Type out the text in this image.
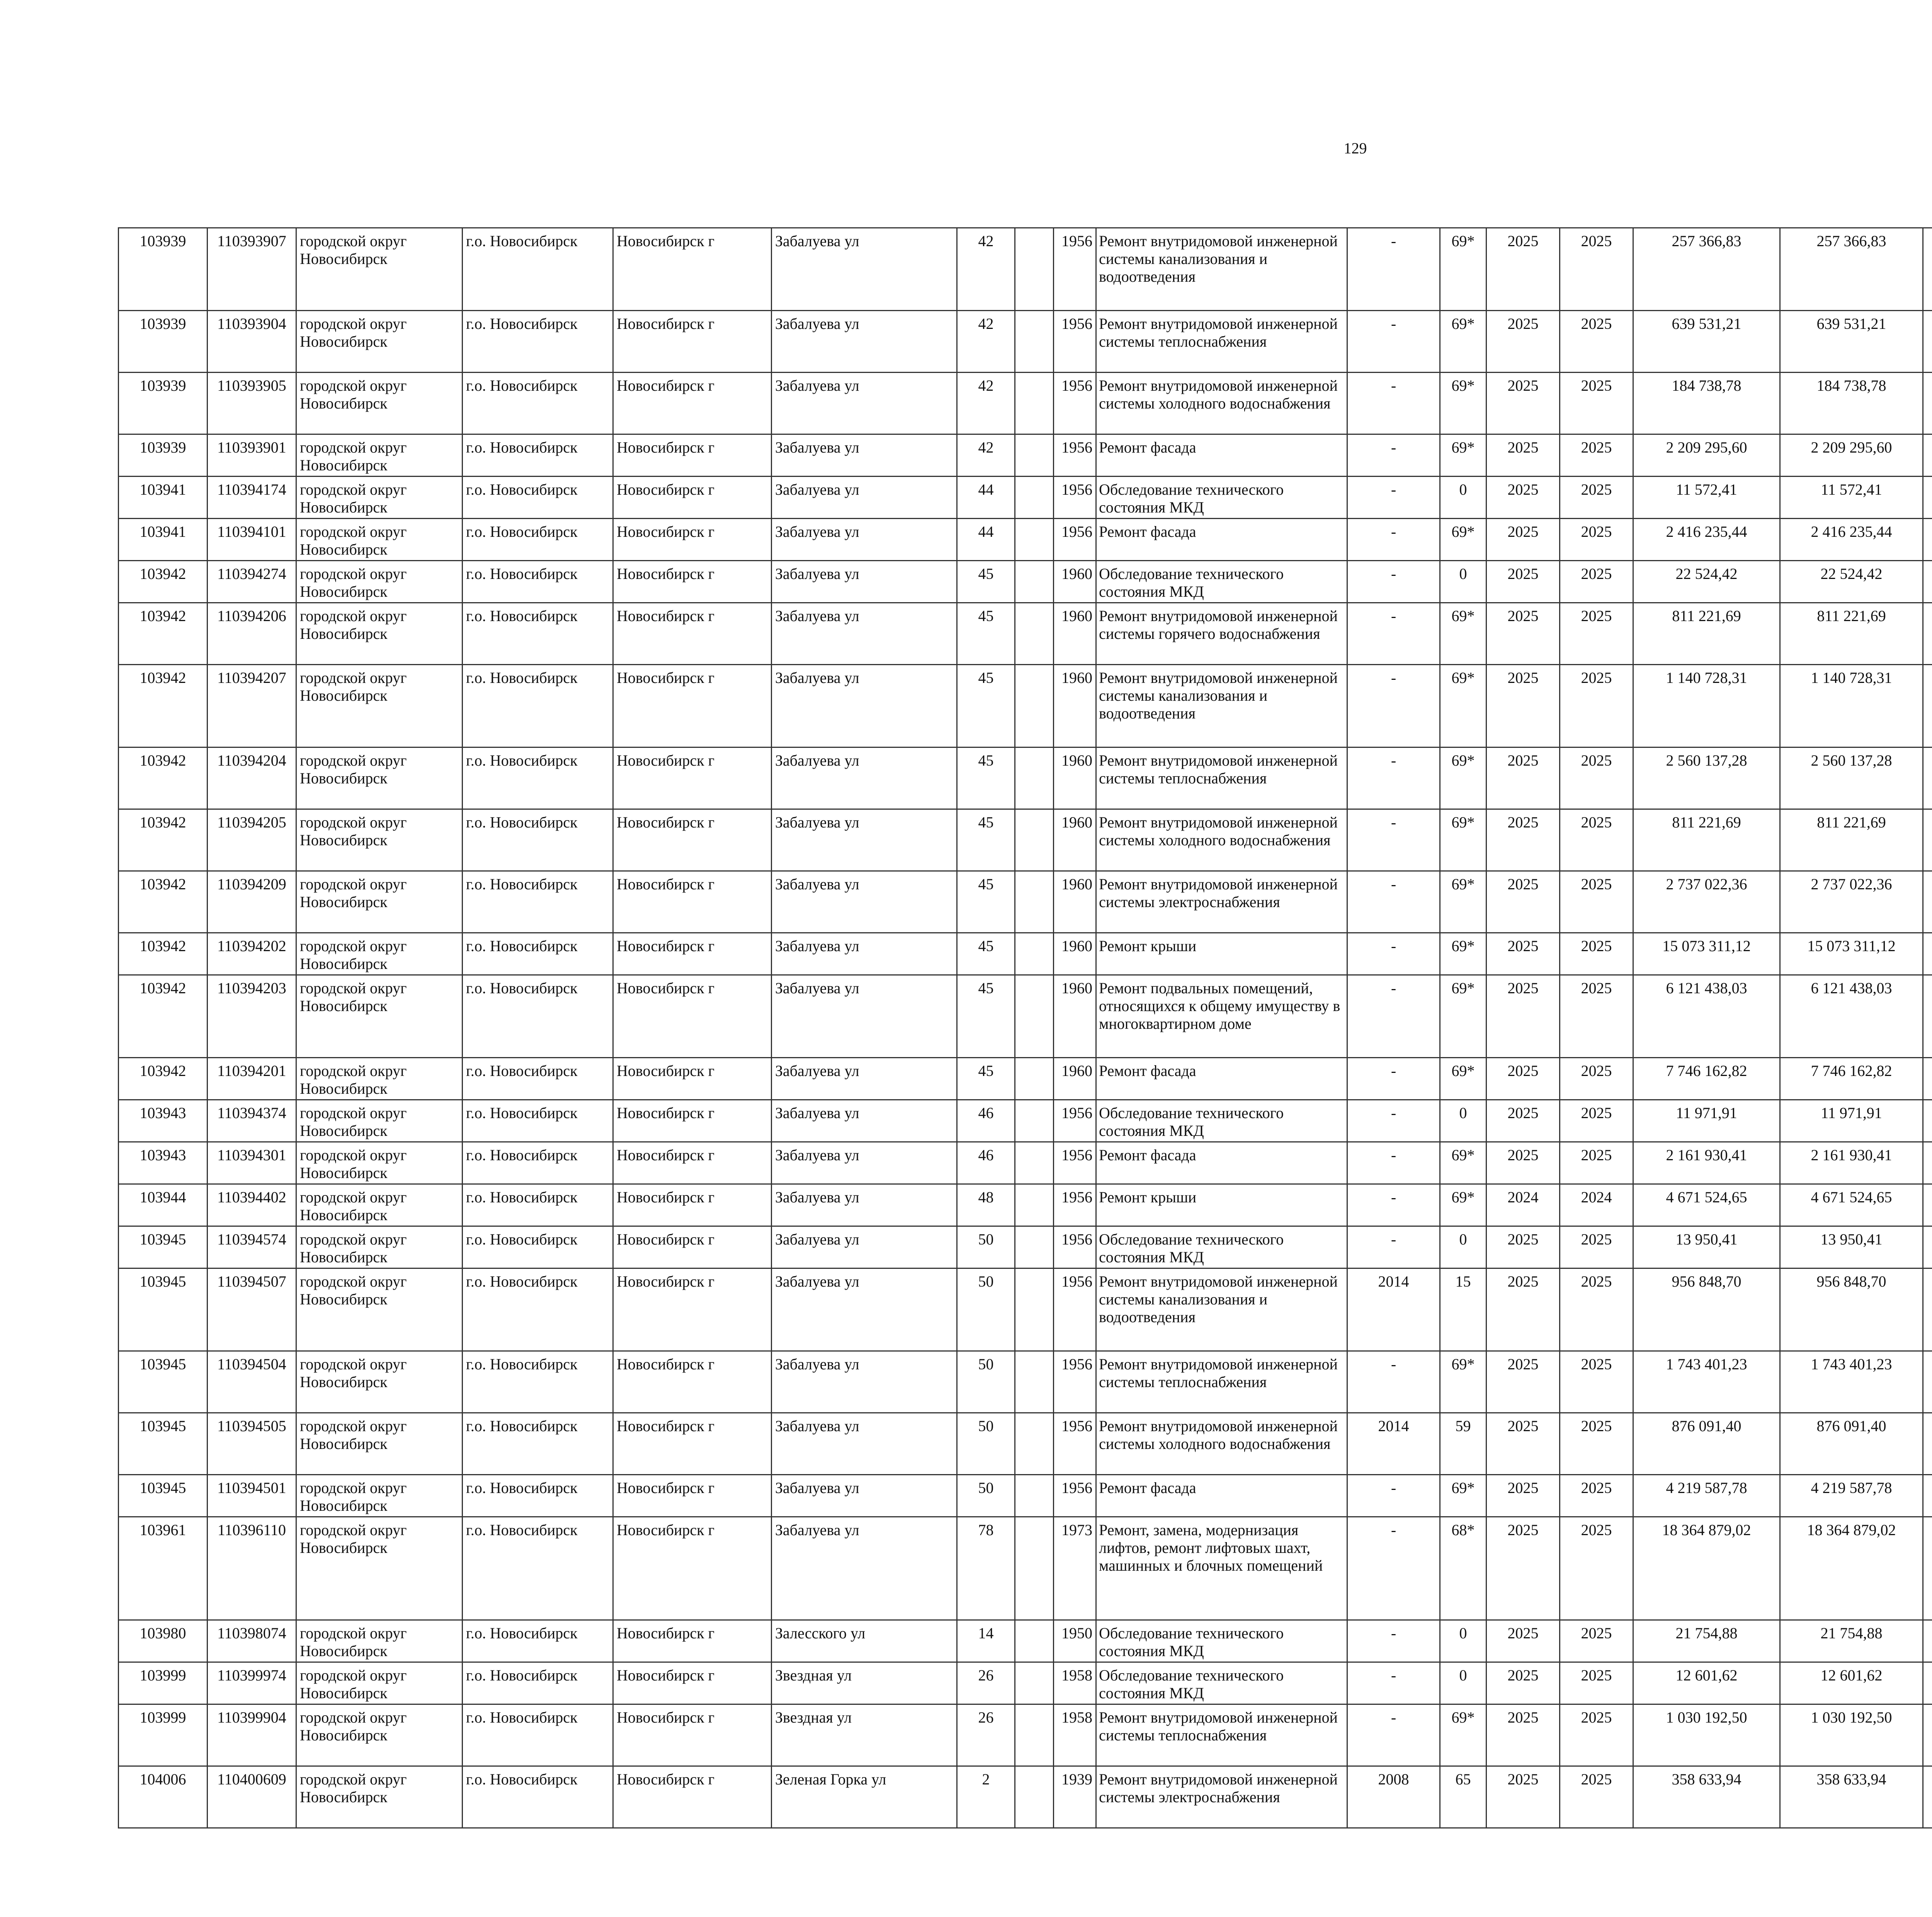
129
103939	110393907	городской округ Новосибирск	г.о. Новосибирск	Новосибирск г	Забалуева ул	42		1956	Ремонт внутридомовой инженерной системы канализования и водоотведения	-	69*	2025	2025	257 366,83	257 366,83						
103939	110393904	городской округ Новосибирск	г.о. Новосибирск	Новосибирск г	Забалуева ул	42		1956	Ремонт внутридомовой инженерной системы теплоснабжения	-	69*	2025	2025	639 531,21	639 531,21						
103939	110393905	городской округ Новосибирск	г.о. Новосибирск	Новосибирск г	Забалуева ул	42		1956	Ремонт внутридомовой инженерной системы холодного водоснабжения	-	69*	2025	2025	184 738,78	184 738,78						
103939	110393901	городской округ Новосибирск	г.о. Новосибирск	Новосибирск г	Забалуева ул	42		1956	Ремонт фасада	-	69*	2025	2025	2 209 295,60	2 209 295,60						
103941	110394174	городской округ Новосибирск	г.о. Новосибирск	Новосибирск г	Забалуева ул	44		1956	Обследование технического состояния МКД	-	0	2025	2025	11 572,41	11 572,41						
103941	110394101	городской округ Новосибирск	г.о. Новосибирск	Новосибирск г	Забалуева ул	44		1956	Ремонт фасада	-	69*	2025	2025	2 416 235,44	2 416 235,44						
103942	110394274	городской округ Новосибирск	г.о. Новосибирск	Новосибирск г	Забалуева ул	45		1960	Обследование технического состояния МКД	-	0	2025	2025	22 524,42	22 524,42						
103942	110394206	городской округ Новосибирск	г.о. Новосибирск	Новосибирск г	Забалуева ул	45		1960	Ремонт внутридомовой инженерной системы горячего водоснабжения	-	69*	2025	2025	811 221,69	811 221,69						
103942	110394207	городской округ Новосибирск	г.о. Новосибирск	Новосибирск г	Забалуева ул	45		1960	Ремонт внутридомовой инженерной системы канализования и водоотведения	-	69*	2025	2025	1 140 728,31	1 140 728,31						
103942	110394204	городской округ Новосибирск	г.о. Новосибирск	Новосибирск г	Забалуева ул	45		1960	Ремонт внутридомовой инженерной системы теплоснабжения	-	69*	2025	2025	2 560 137,28	2 560 137,28						
103942	110394205	городской округ Новосибирск	г.о. Новосибирск	Новосибирск г	Забалуева ул	45		1960	Ремонт внутридомовой инженерной системы холодного водоснабжения	-	69*	2025	2025	811 221,69	811 221,69						
103942	110394209	городской округ Новосибирск	г.о. Новосибирск	Новосибирск г	Забалуева ул	45		1960	Ремонт внутридомовой инженерной системы электроснабжения	-	69*	2025	2025	2 737 022,36	2 737 022,36						
103942	110394202	городской округ Новосибирск	г.о. Новосибирск	Новосибирск г	Забалуева ул	45		1960	Ремонт крыши	-	69*	2025	2025	15 073 311,12	15 073 311,12						
103942	110394203	городской округ Новосибирск	г.о. Новосибирск	Новосибирск г	Забалуева ул	45		1960	Ремонт подвальных помещений, относящихся к общему имуществу в многоквартирном доме	-	69*	2025	2025	6 121 438,03	6 121 438,03						
103942	110394201	городской округ Новосибирск	г.о. Новосибирск	Новосибирск г	Забалуева ул	45		1960	Ремонт фасада	-	69*	2025	2025	7 746 162,82	7 746 162,82						
103943	110394374	городской округ Новосибирск	г.о. Новосибирск	Новосибирск г	Забалуева ул	46		1956	Обследование технического состояния МКД	-	0	2025	2025	11 971,91	11 971,91						
103943	110394301	городской округ Новосибирск	г.о. Новосибирск	Новосибирск г	Забалуева ул	46		1956	Ремонт фасада	-	69*	2025	2025	2 161 930,41	2 161 930,41						
103944	110394402	городской округ Новосибирск	г.о. Новосибирск	Новосибирск г	Забалуева ул	48		1956	Ремонт крыши	-	69*	2024	2024	4 671 524,65	4 671 524,65						
103945	110394574	городской округ Новосибирск	г.о. Новосибирск	Новосибирск г	Забалуева ул	50		1956	Обследование технического состояния МКД	-	0	2025	2025	13 950,41	13 950,41						
103945	110394507	городской округ Новосибирск	г.о. Новосибирск	Новосибирск г	Забалуева ул	50		1956	Ремонт внутридомовой инженерной системы канализования и водоотведения	2014	15	2025	2025	956 848,70	956 848,70						
103945	110394504	городской округ Новосибирск	г.о. Новосибирск	Новосибирск г	Забалуева ул	50		1956	Ремонт внутридомовой инженерной системы теплоснабжения	-	69*	2025	2025	1 743 401,23	1 743 401,23						
103945	110394505	городской округ Новосибирск	г.о. Новосибирск	Новосибирск г	Забалуева ул	50		1956	Ремонт внутридомовой инженерной системы холодного водоснабжения	2014	59	2025	2025	876 091,40	876 091,40						
103945	110394501	городской округ Новосибирск	г.о. Новосибирск	Новосибирск г	Забалуева ул	50		1956	Ремонт фасада	-	69*	2025	2025	4 219 587,78	4 219 587,78						
103961	110396110	городской округ Новосибирск	г.о. Новосибирск	Новосибирск г	Забалуева ул	78		1973	Ремонт, замена, модернизация лифтов, ремонт лифтовых шахт, машинных и блочных помещений	-	68*	2025	2025	18 364 879,02	18 364 879,02						
103980	110398074	городской округ Новосибирск	г.о. Новосибирск	Новосибирск г	Залесского ул	14		1950	Обследование технического состояния МКД	-	0	2025	2025	21 754,88	21 754,88						
103999	110399974	городской округ Новосибирск	г.о. Новосибирск	Новосибирск г	Звездная ул	26		1958	Обследование технического состояния МКД	-	0	2025	2025	12 601,62	12 601,62						
103999	110399904	городской округ Новосибирск	г.о. Новосибирск	Новосибирск г	Звездная ул	26		1958	Ремонт внутридомовой инженерной системы теплоснабжения	-	69*	2025	2025	1 030 192,50	1 030 192,50						
104006	110400609	городской округ Новосибирск	г.о. Новосибирск	Новосибирск г	Зеленая Горка ул	2		1939	Ремонт внутридомовой инженерной системы электроснабжения	2008	65	2025	2025	358 633,94	358 633,94						
